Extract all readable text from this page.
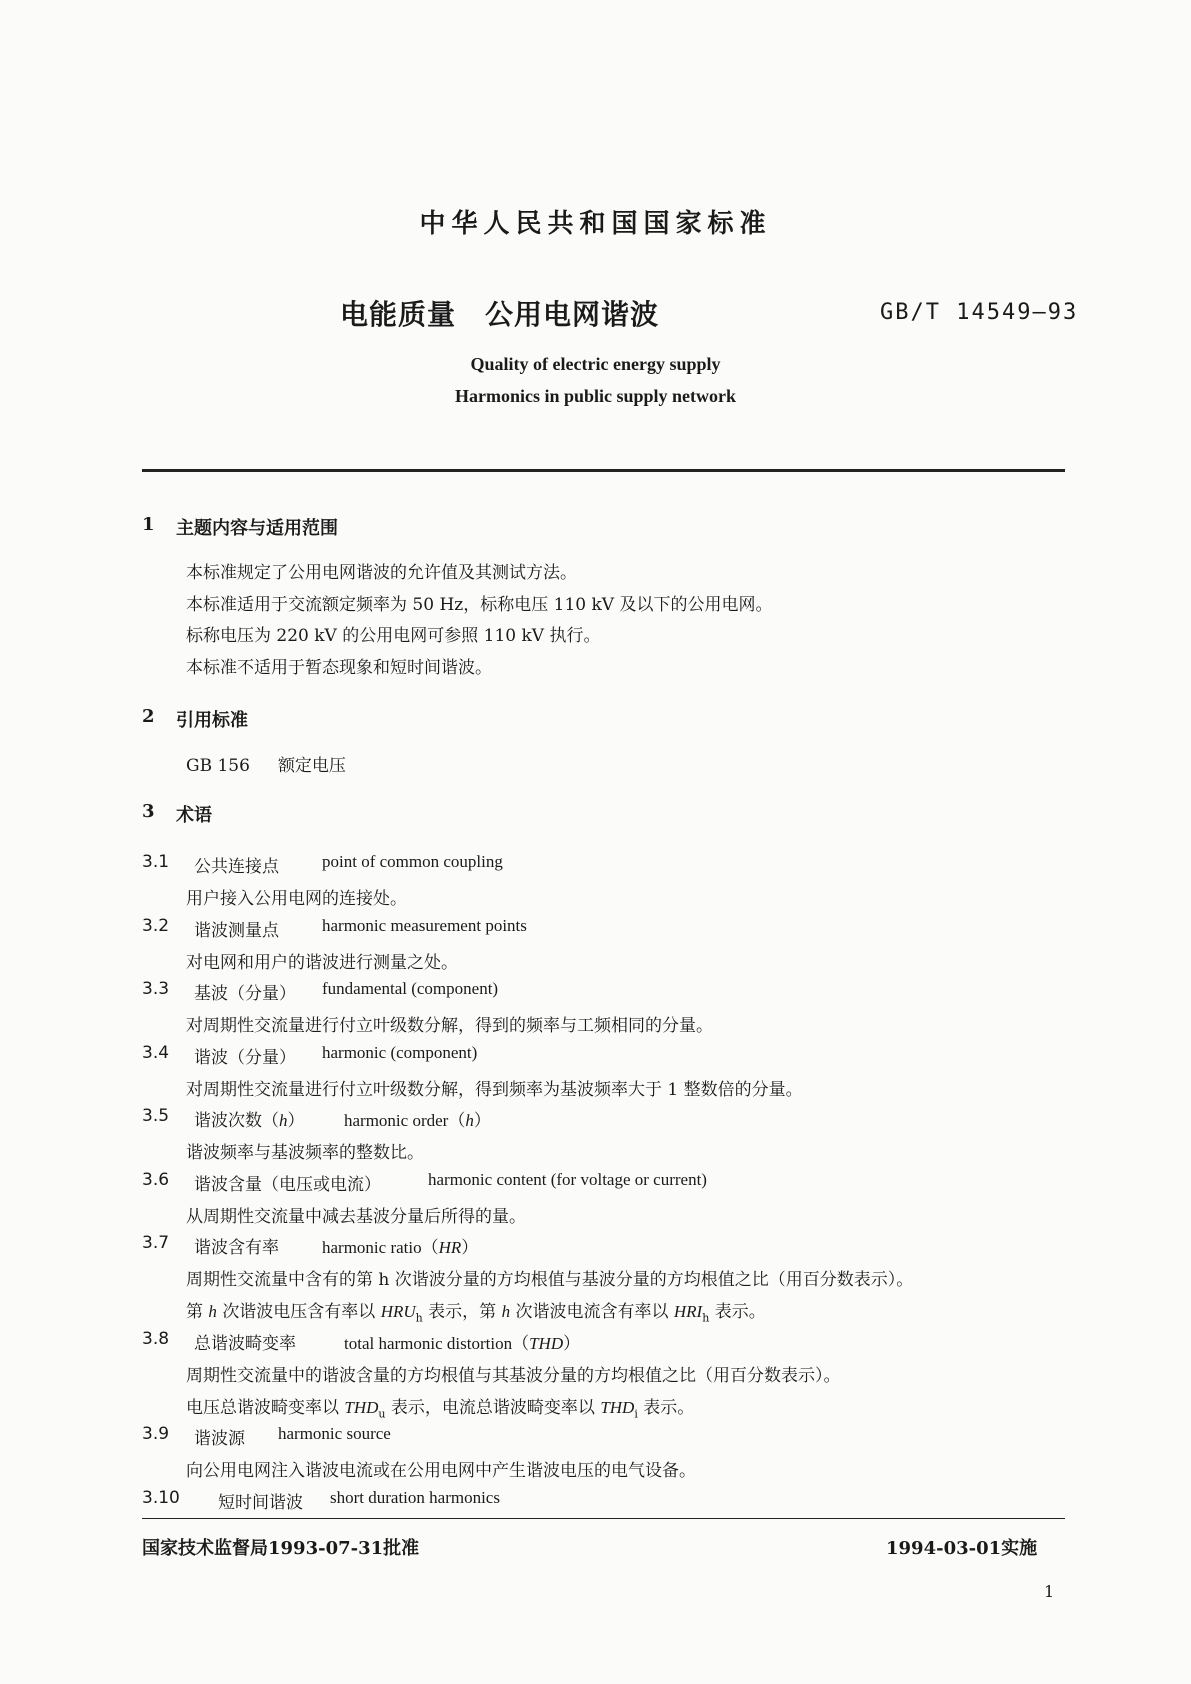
中华人民共和国国家标准
电能质量　公用电网谐波	GB/T 14549—93
Quality of electric energy supply
Harmonics in public supply network
1 主题内容与适用范围
本标准规定了公用电网谐波的允许值及其测试方法。
本标准适用于交流额定频率为 50 Hz，标称电压 110 kV 及以下的公用电网。
标称电压为 220 kV 的公用电网可参照 110 kV 执行。
本标准不适用于暂态现象和短时间谐波。
2 引用标准
GB 156 额定电压
3 术语
3.1 公共连接点	point of common coupling
用户接入公用电网的连接处。
3.2 谐波测量点	harmonic measurement points
对电网和用户的谐波进行测量之处。
3.3 基波（分量） fundamental (component)
对周期性交流量进行付立叶级数分解，得到的频率与工频相同的分量。
3.4 谐波（分量） harmonic (component)
对周期性交流量进行付立叶级数分解，得到频率为基波频率大于 1 整数倍的分量。
3.5 谐波次数（h） harmonic order（h）
谐波频率与基波频率的整数比。
3.6 谐波含量（电压或电流）	harmonic content (for voltage or current)
从周期性交流量中减去基波分量后所得的量。
3.7 谐波含有率	harmonic ratio（HR）
周期性交流量中含有的第 h 次谐波分量的方均根值与基波分量的方均根值之比（用百分数表示）。
第 h 次谐波电压含有率以 $HRU_h$ 表示，第 h 次谐波电流含有率以 $HRI_h$ 表示。
3.8 总谐波畸变率	total harmonic distortion（THD）
周期性交流量中的谐波含量的方均根值与其基波分量的方均根值之比（用百分数表示）。
电压总谐波畸变率以 $THD_u$ 表示，电流总谐波畸变率以 $THD_i$ 表示。
3.9 谐波源 harmonic source
向公用电网注入谐波电流或在公用电网中产生谐波电压的电气设备。
3.10 短时间谐波 short duration harmonics
国家技术监督局1993-07-31批准	1994-03-01实施
1
